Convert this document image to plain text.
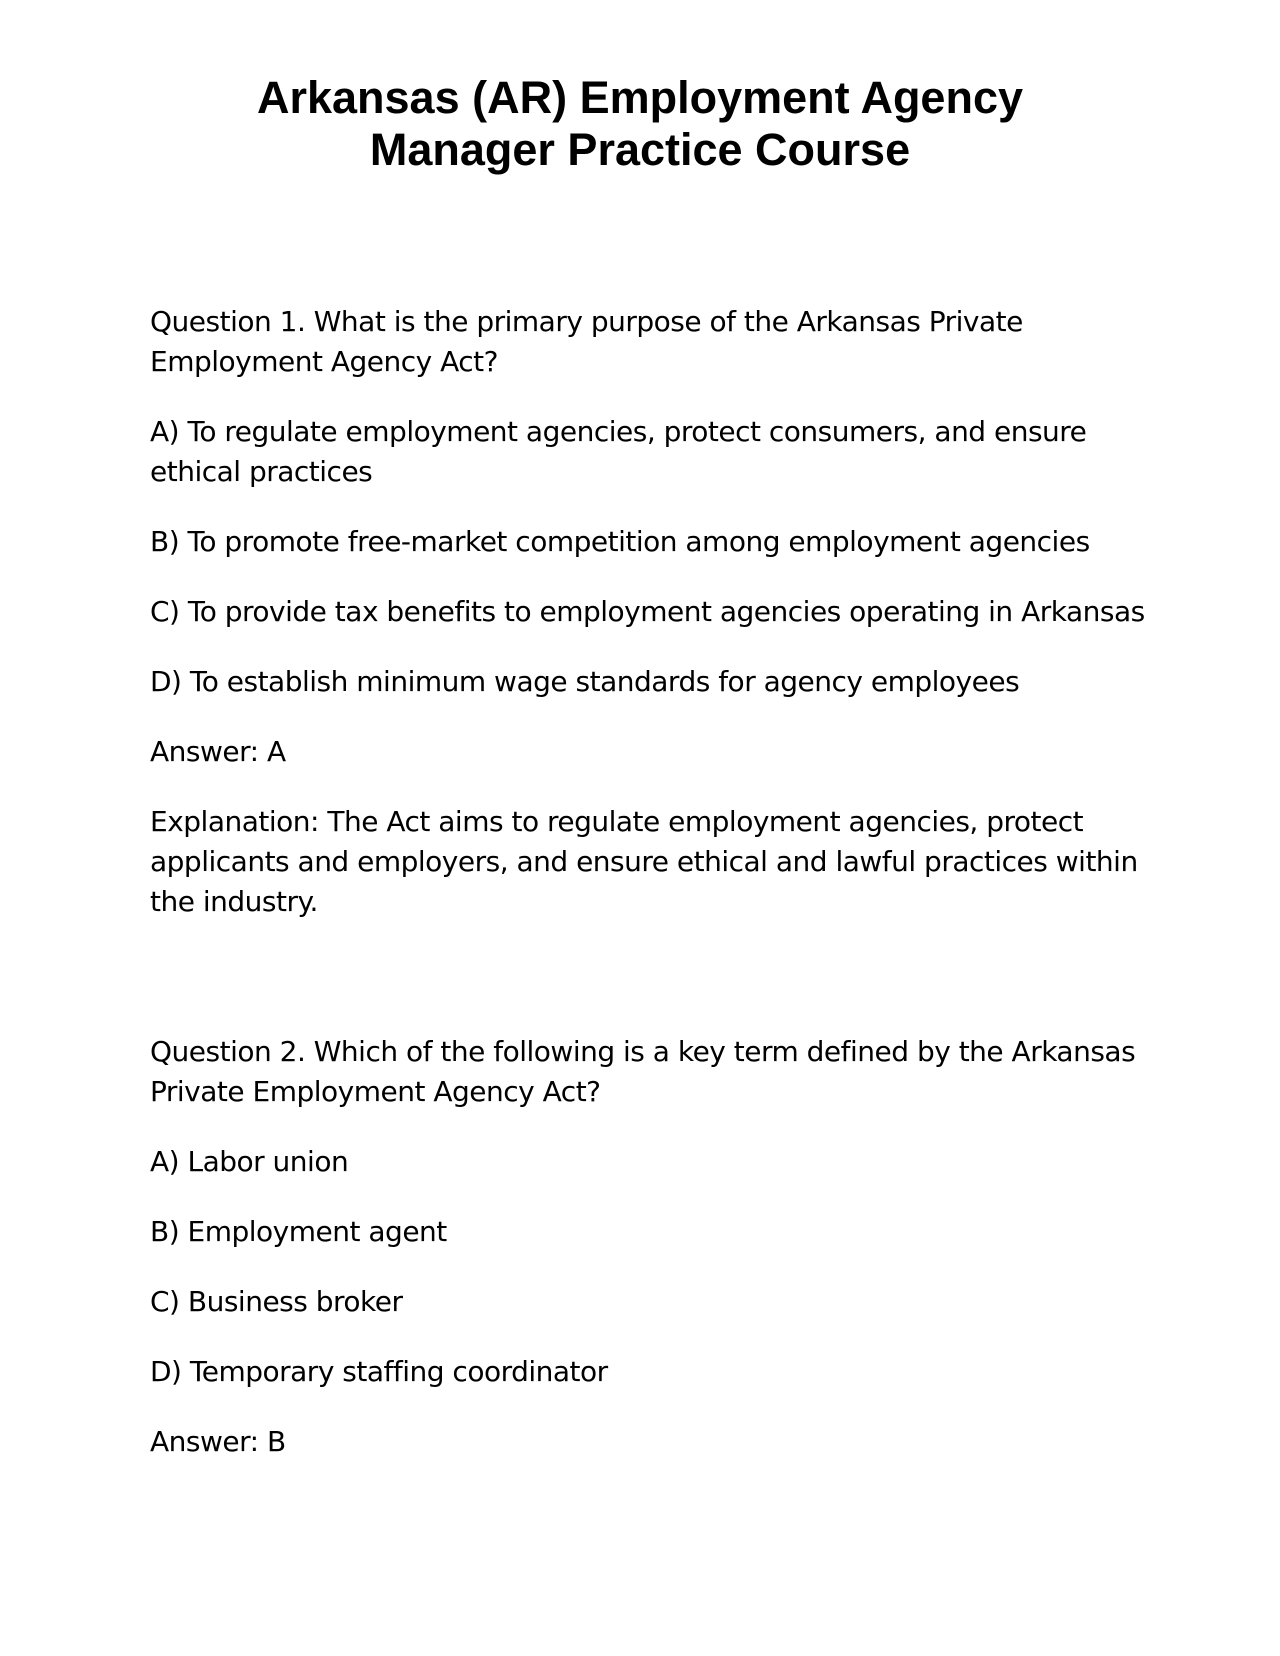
Arkansas (AR) Employment Agency
Manager Practice Course

Question 1. What is the primary purpose of the Arkansas Private Employment Agency Act?

A) To regulate employment agencies, protect consumers, and ensure ethical practices

B) To promote free-market competition among employment agencies

C) To provide tax benefits to employment agencies operating in Arkansas

D) To establish minimum wage standards for agency employees

Answer: A

Explanation: The Act aims to regulate employment agencies, protect applicants and employers, and ensure ethical and lawful practices within the industry.

Question 2. Which of the following is a key term defined by the Arkansas Private Employment Agency Act?

A) Labor union

B) Employment agent

C) Business broker

D) Temporary staffing coordinator

Answer: B
